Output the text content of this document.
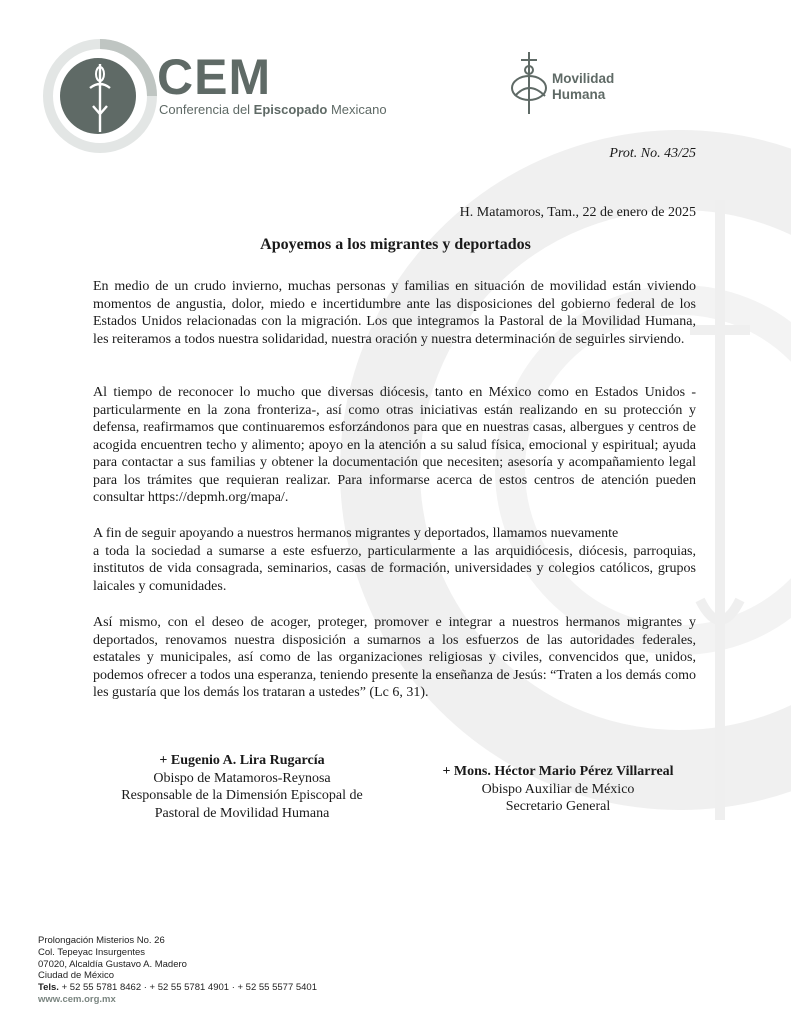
CEM
Conferencia del Episcopado Mexicano
Movilidad
Humana
Prot. No. 43/25
H. Matamoros, Tam., 22 de enero de 2025
Apoyemos a los migrantes y deportados

En medio de un crudo invierno, muchas personas y familias en situación de movilidad están viviendo momentos de angustia, dolor, miedo e incertidumbre ante las disposiciones del gobierno federal de los Estados Unidos relacionadas con la migración. Los que integramos la Pastoral de la Movilidad Humana, les reiteramos a todos nuestra solidaridad, nuestra oración y nuestra determinación de seguirles sirviendo.

Al tiempo de reconocer lo mucho que diversas diócesis, tanto en México como en Estados Unidos - particularmente en la zona fronteriza-, así como otras iniciativas están realizando en su protección y defensa, reafirmamos que continuaremos esforzándonos para que en nuestras casas, albergues y centros de acogida encuentren techo y alimento; apoyo en la atención a su salud física, emocional y espiritual; ayuda para contactar a sus familias y obtener la documentación que necesiten; asesoría y acompañamiento legal para los trámites que requieran realizar. Para informarse acerca de estos centros de atención pueden consultar https://depmh.org/mapa/.

A fin de seguir apoyando a nuestros hermanos migrantes y deportados, llamamos nuevamente
a toda la sociedad a sumarse a este esfuerzo, particularmente a las arquidiócesis, diócesis, parroquias, institutos de vida consagrada, seminarios, casas de formación, universidades y colegios católicos, grupos laicales y comunidades.

Así mismo, con el deseo de acoger, proteger, promover e integrar a nuestros hermanos migrantes y deportados, renovamos nuestra disposición a sumarnos a los esfuerzos de las autoridades federales, estatales y municipales, así como de las organizaciones religiosas y civiles, convencidos que, unidos, podemos ofrecer a todos una esperanza, teniendo presente la enseñanza de Jesús: “Traten a los demás como les gustaría que los demás los trataran a ustedes” (Lc 6, 31).

+ Eugenio A. Lira Rugarcía
Obispo de Matamoros-Reynosa
Responsable de la Dimensión Episcopal de
Pastoral de Movilidad Humana
+ Mons. Héctor Mario Pérez Villarreal
Obispo Auxiliar de México
Secretario General
Prolongación Misterios No. 26
Col. Tepeyac Insurgentes
07020, Alcaldía Gustavo A. Madero
Ciudad de México
Tels. + 52 55 5781 8462 · + 52 55 5781 4901 · + 52 55 5577 5401
www.cem.org.mx
